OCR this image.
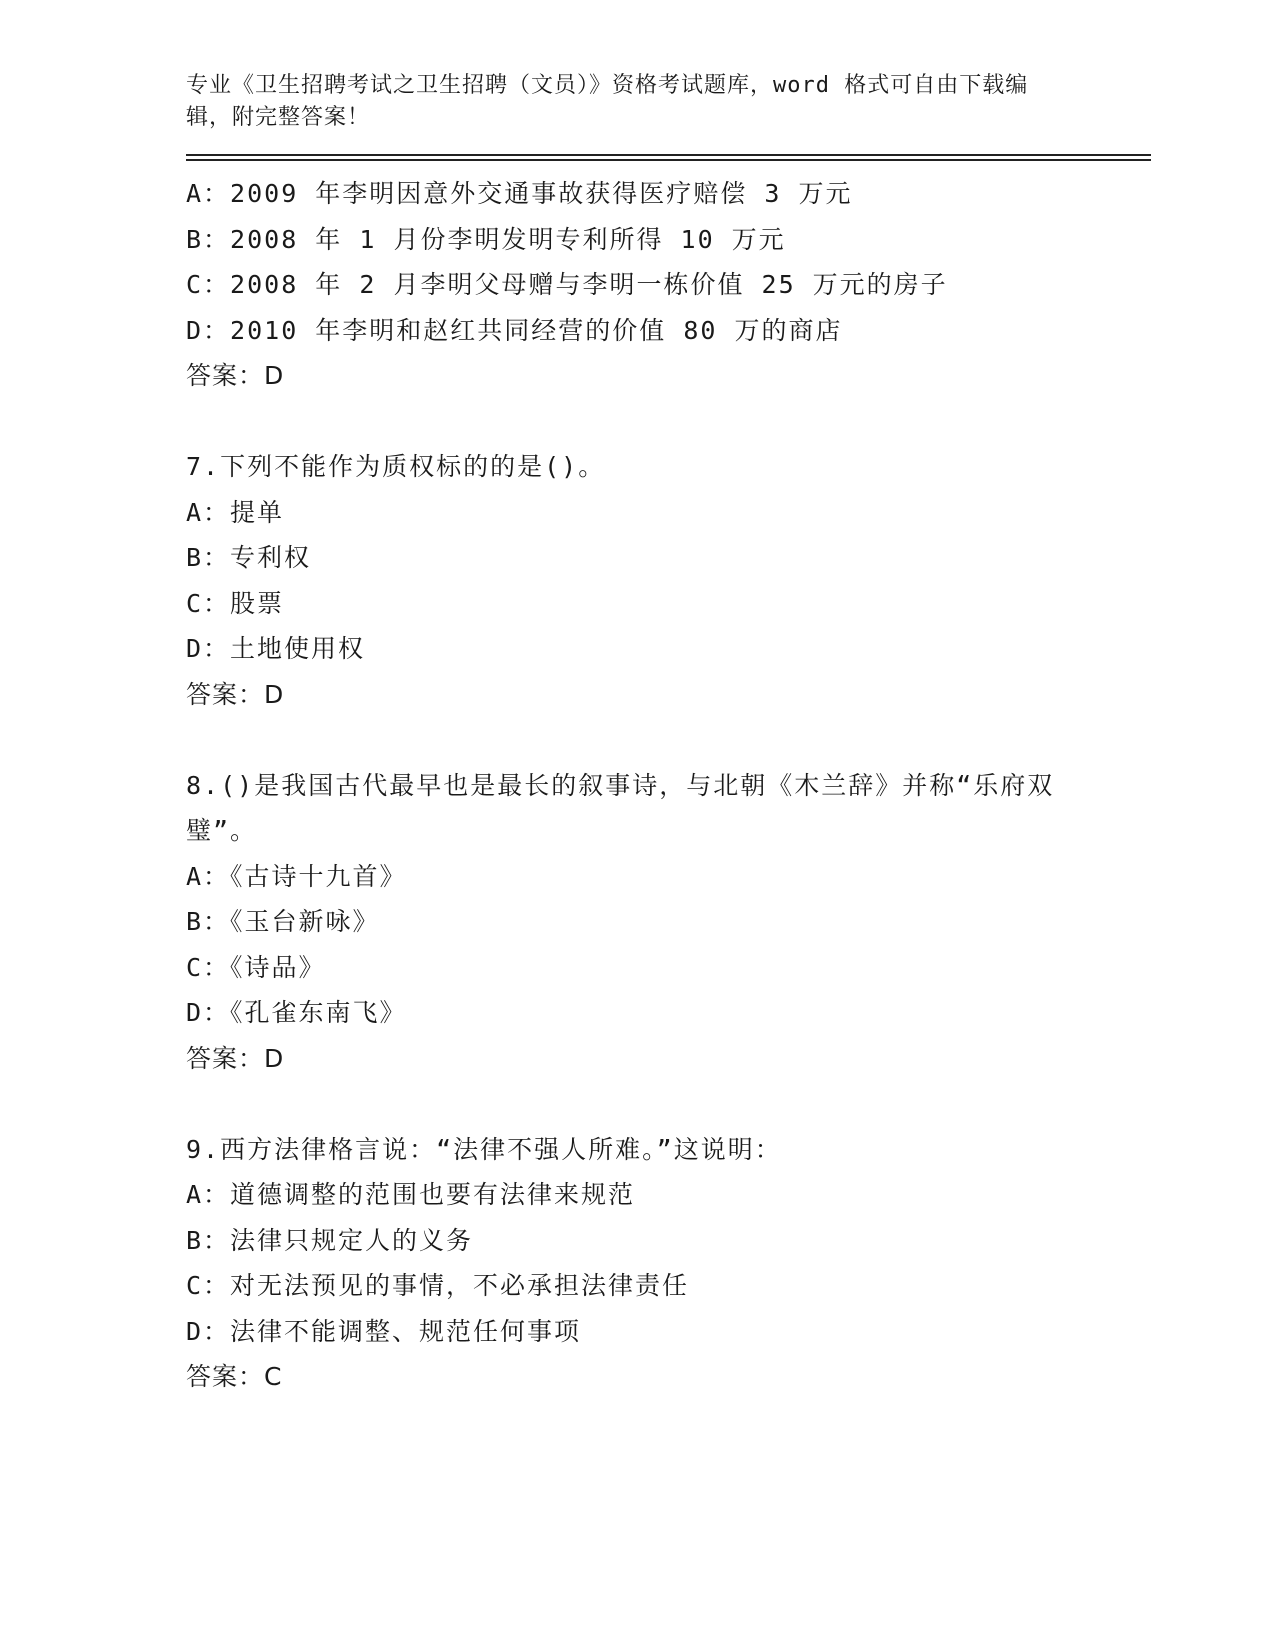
专业《卫生招聘考试之卫生招聘（文员）》资格考试题库，word 格式可自由下载编辑，附完整答案！

A：2009 年李明因意外交通事故获得医疗赔偿 3 万元
B：2008 年 1 月份李明发明专利所得 10 万元
C：2008 年 2 月李明父母赠与李明一栋价值 25 万元的房子
D：2010 年李明和赵红共同经营的价值 80 万的商店
答案：D
7.下列不能作为质权标的的是()。
A：提单
B：专利权
C：股票
D：土地使用权
答案：D
8.()是我国古代最早也是最长的叙事诗，与北朝《木兰辞》并称“乐府双璧”。
A：《古诗十九首》
B：《玉台新咏》
C：《诗品》
D：《孔雀东南飞》
答案：D
9.西方法律格言说：“法律不强人所难。”这说明：
A：道德调整的范围也要有法律来规范
B：法律只规定人的义务
C：对无法预见的事情，不必承担法律责任
D：法律不能调整、规范任何事项
答案：C
